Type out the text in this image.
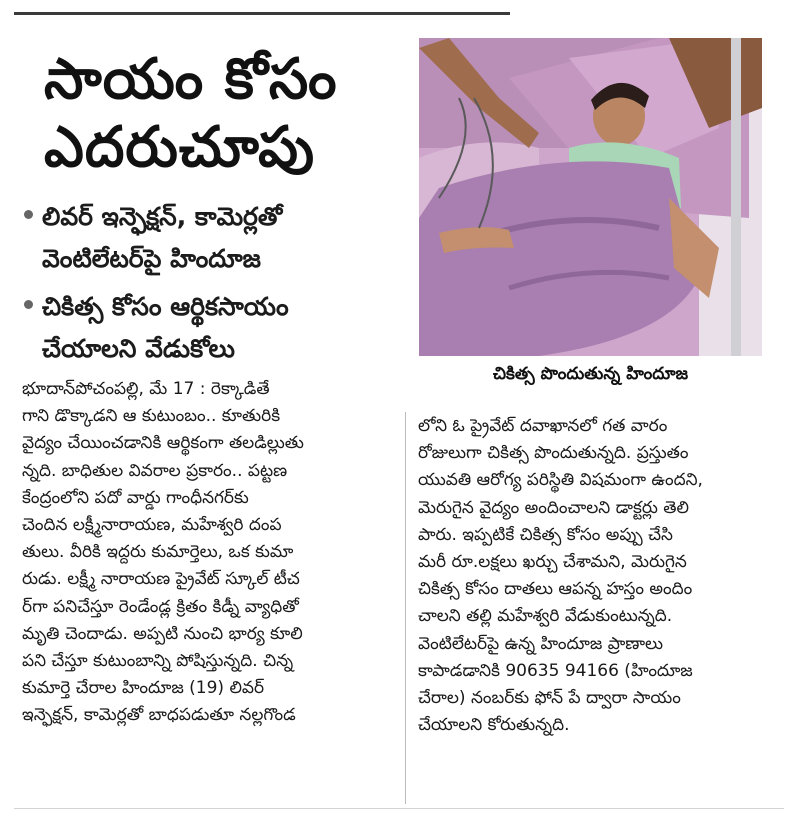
సాయం కోసం
ఎదరుచూపు
లివర్ ఇన్ఫెక్షన్, కామెర్లతో
వెంటిలేటర్‌పై హిందూజ
చికిత్స కోసం ఆర్థికసాయం
చేయాలని వేడుకోలు
చికిత్స పొందుతున్న హిందూజ
భూదాన్‌పోచంపల్లి, మే 17 : రెక్కాడితే
గాని డొక్కాడని ఆ కుటుంబం.. కూతురికి
వైద్యం చేయించడానికి ఆర్థికంగా తలడిల్లుతు
న్నది. బాధితుల వివరాల ప్రకారం.. పట్టణ
కేంద్రంలోని పదో వార్డు గాంధీనగర్‌కు
చెందిన లక్ష్మీనారాయణ, మహేశ్వరి దంప
తులు. వీరికి ఇద్దరు కుమార్తెలు, ఒక కుమా
రుడు. లక్ష్మీ నారాయణ ప్రైవేట్ స్కూల్ టీచ
ర్‌గా పనిచేస్తూ రెండేండ్ల క్రితం కిడ్నీ వ్యాధితో
మృతి చెందాడు. అప్పటి నుంచి భార్య కూలి
పని చేస్తూ కుటుంబాన్ని పోషిస్తున్నది. చిన్న
కుమార్తె చేరాల హిందూజ (19) లివర్
ఇన్ఫెక్షన్, కామెర్లతో బాధపడుతూ నల్లగొండ
లోని ఓ ప్రైవేట్ దవాఖానలో గత వారం
రోజులుగా చికిత్స పొందుతున్నది. ప్రస్తుతం
యువతి ఆరోగ్య పరిస్థితి విషమంగా ఉందని,
మెరుగైన వైద్యం అందించాలని డాక్టర్లు తెలి
పారు. ఇప్పటికే చికిత్స కోసం అప్పు చేసి
మరీ రూ.లక్షలు ఖర్చు చేశామని, మెరుగైన
చికిత్స కోసం దాతలు ఆపన్న హస్తం అందిం
చాలని తల్లి మహేశ్వరి వేడుకుంటున్నది.
వెంటిలేటర్‌పై ఉన్న హిందూజ ప్రాణాలు
కాపాడడానికి 90635 94166 (హిందూజ
చేరాల) నంబర్‌కు ఫోన్ పే ద్వారా సాయం
చేయాలని కోరుతున్నది.
